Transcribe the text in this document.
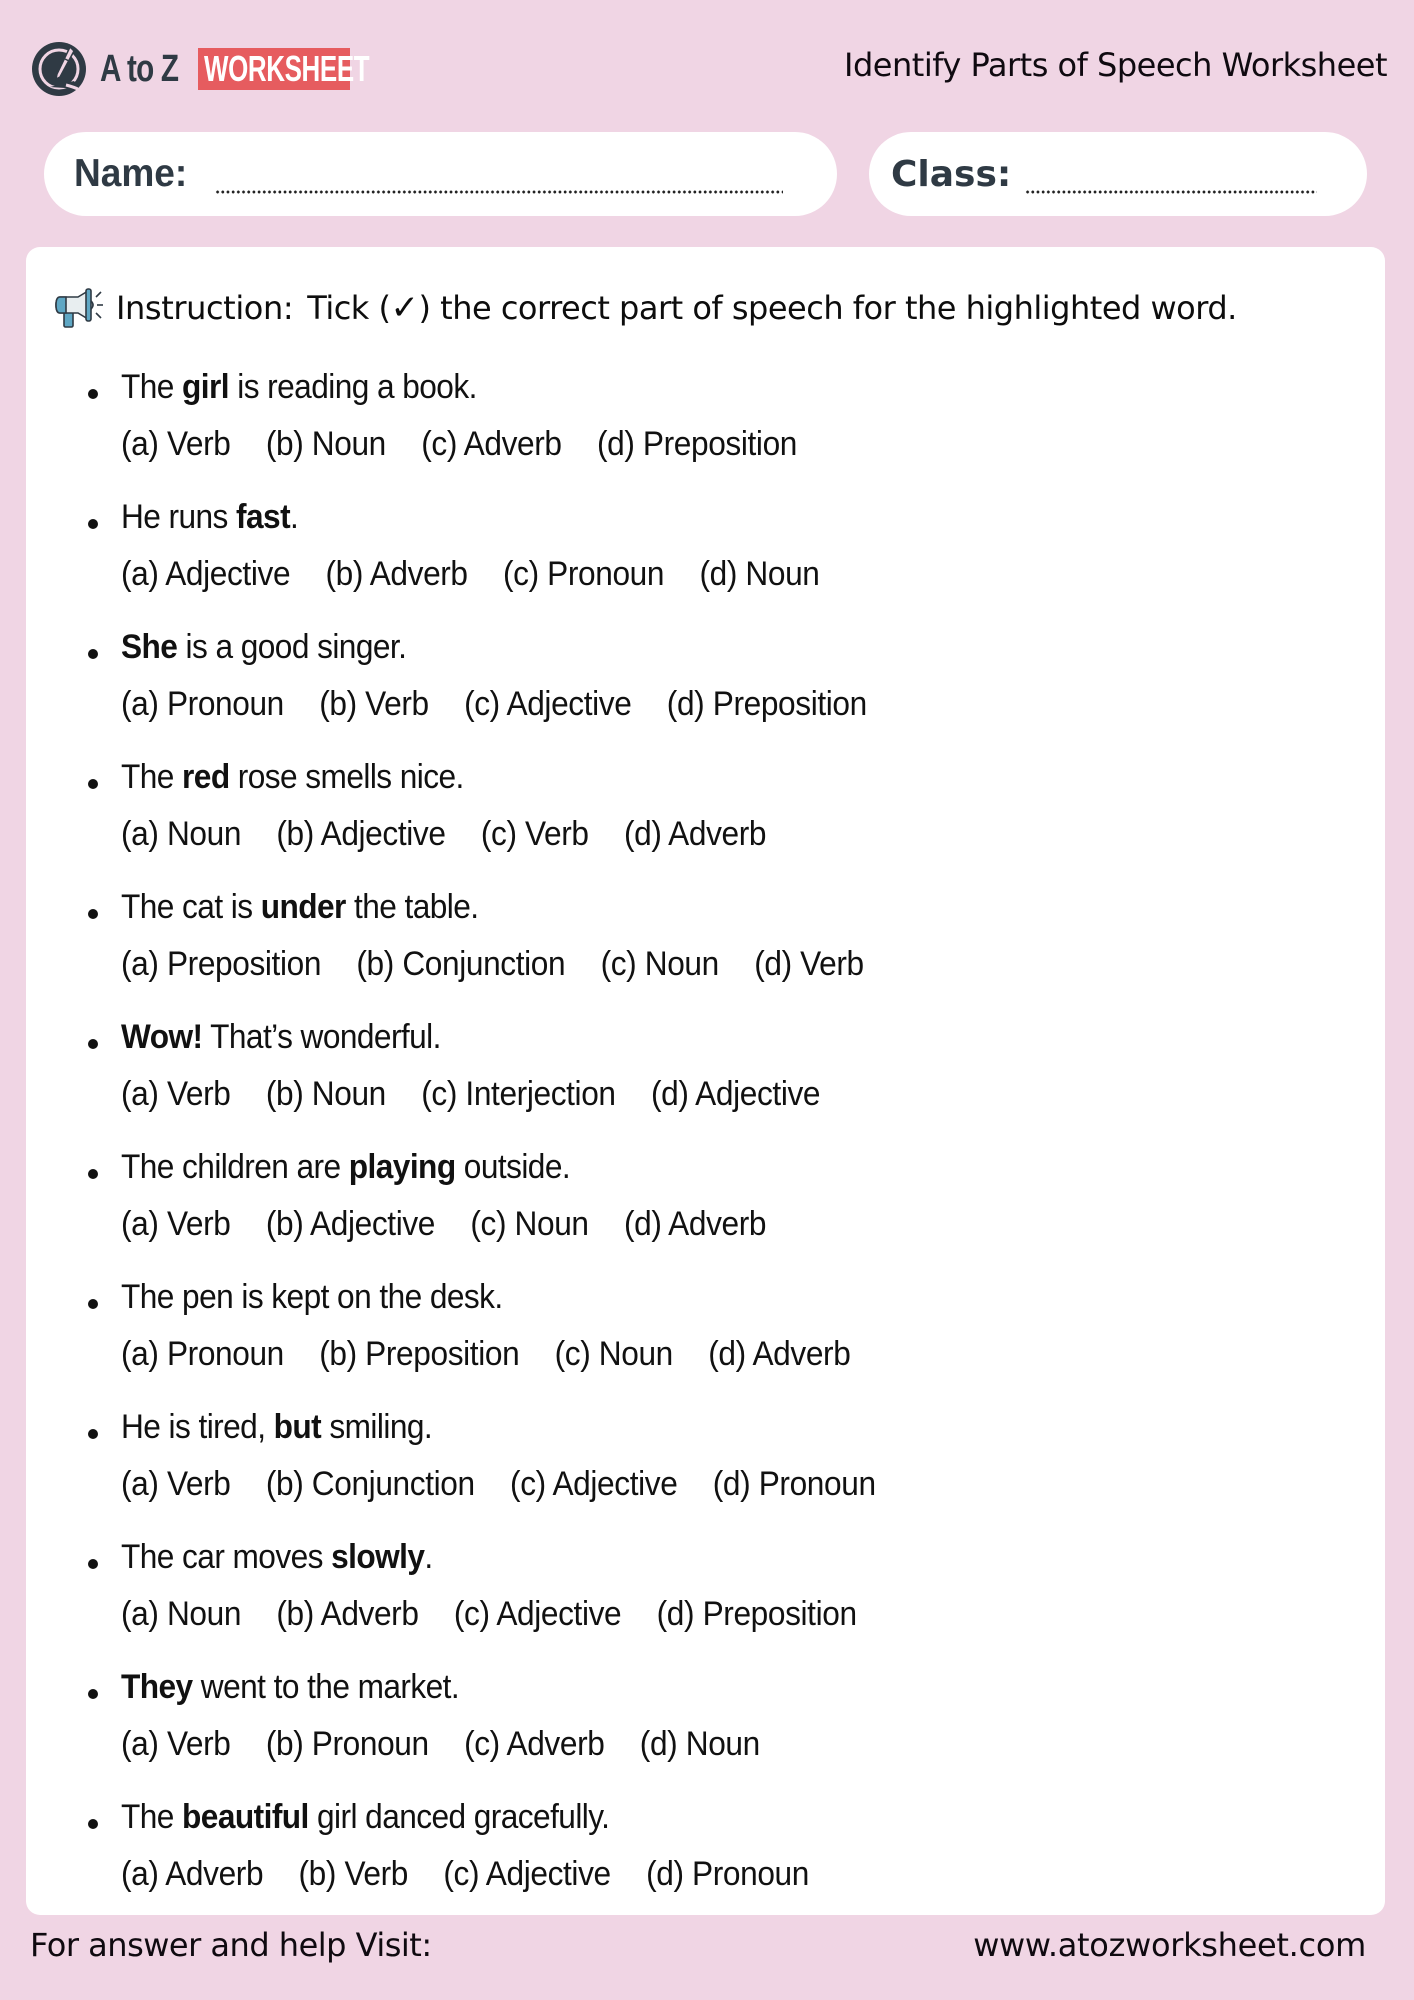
A to Z WORKSHEET	Identify Parts of Speech Worksheet
Name:	Class:
Instruction: Tick (✓) the correct part of speech for the highlighted word.
The girl is reading a book.
(a) Verb (b) Noun (c) Adverb (d) Preposition
He runs fast.
(a) Adjective (b) Adverb (c) Pronoun (d) Noun
She is a good singer.
(a) Pronoun (b) Verb (c) Adjective (d) Preposition
The red rose smells nice.
(a) Noun (b) Adjective (c) Verb (d) Adverb
The cat is under the table.
(a) Preposition (b) Conjunction (c) Noun (d) Verb
Wow! That’s wonderful.
(a) Verb (b) Noun (c) Interjection (d) Adjective
The children are playing outside.
(a) Verb (b) Adjective (c) Noun (d) Adverb
The pen is kept on the desk.
(a) Pronoun (b) Preposition (c) Noun (d) Adverb
He is tired, but smiling.
(a) Verb (b) Conjunction (c) Adjective (d) Pronoun
The car moves slowly.
(a) Noun (b) Adverb (c) Adjective (d) Preposition
They went to the market.
(a) Verb (b) Pronoun (c) Adverb (d) Noun
The beautiful girl danced gracefully.
(a) Adverb (b) Verb (c) Adjective (d) Pronoun
For answer and help Visit:	www.atozworksheet.com
